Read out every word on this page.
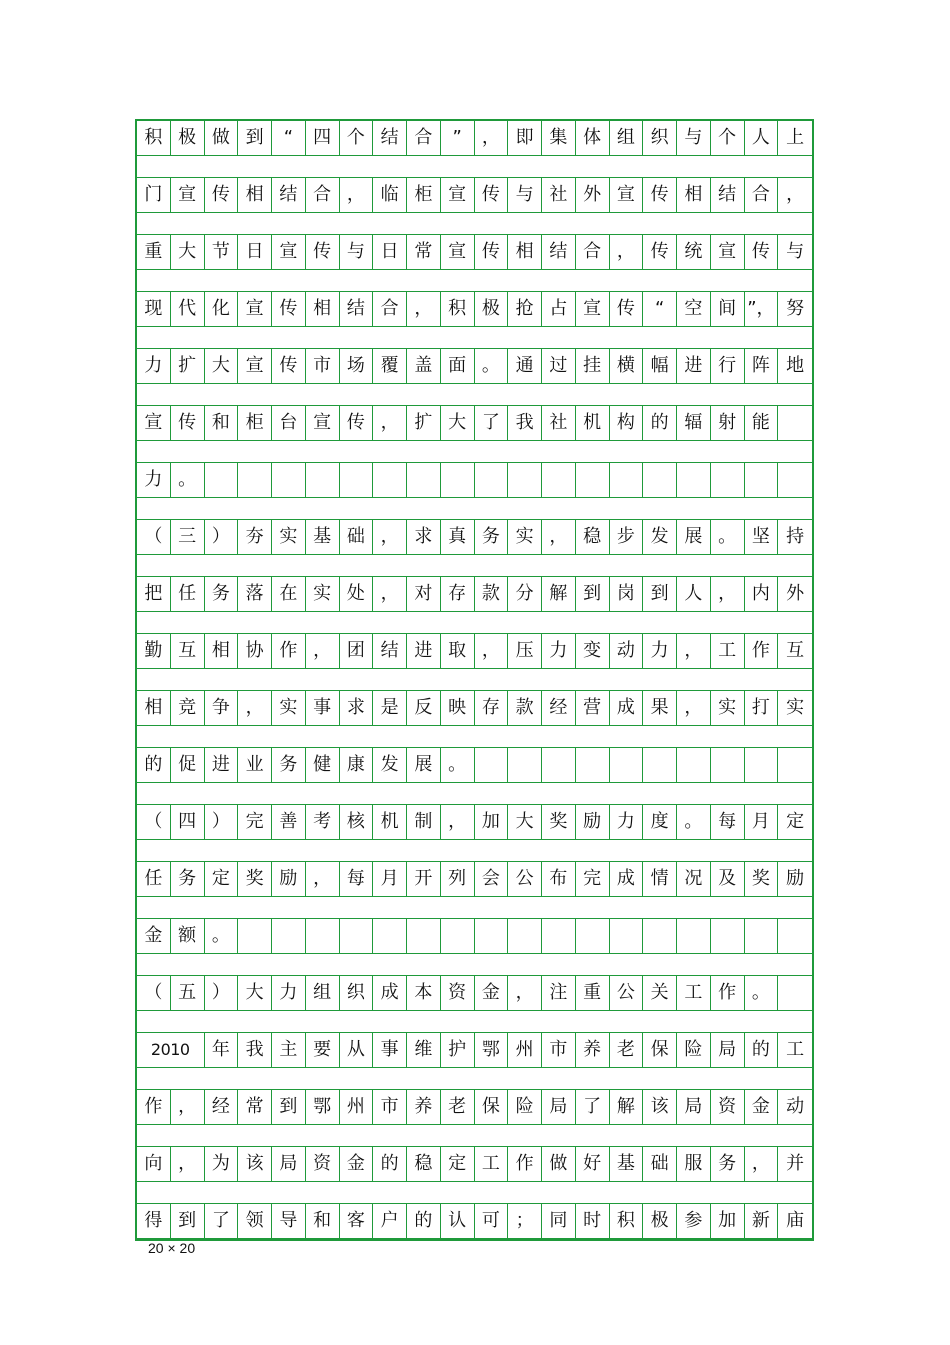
积 极 做 到	“	四 个 结 合	”	， 即 集 体 组 织 与 个 人 上
门 宣 传 相 结 合 ， 临 柜 宣 传 与 社 外 宣 传 相 结 合 ，
重 大 节 日 宣 传 与 日 常 宣 传 相 结 合 ， 传 统 宣 传 与
现 代 化 宣 传 相 结 合 ， 积 极 抢 占 宣 传	“	空 间 ”， 努
力 扩 大 宣 传 市 场 覆 盖 面 。 通 过 挂 横 幅 进 行 阵 地
宣 传 和 柜 台 宣 传 ， 扩 大 了 我 社 机 构 的 辐 射 能
力 。
（ 三 ） 夯 实 基 础 ， 求 真 务 实 ， 稳 步 发 展 。 坚 持
把 任 务 落 在 实 处 ， 对 存 款 分 解 到 岗 到 人 ， 内 外
勤 互 相 协 作 ， 团 结 进 取 ， 压 力 变 动 力 ， 工 作 互
相 竞 争 ， 实 事 求 是 反 映 存 款 经 营 成 果 ， 实 打 实
的 促 进 业 务 健 康 发 展 。
（ 四 ） 完 善 考 核 机 制 ， 加 大 奖 励 力 度 。 每 月 定
任 务 定 奖 励 ， 每 月 开 列 会 公 布 完 成 情 况 及 奖 励
金 额 。
（ 五 ） 大 力 组 织 成 本 资 金 ， 注 重 公 关 工 作 。
2010	年 我 主 要 从 事 维 护 鄂 州 市 养 老 保 险 局 的 工
作 ， 经 常 到 鄂 州 市 养 老 保 险 局 了 解 该 局 资 金 动
向 ， 为 该 局 资 金 的 稳 定 工 作 做 好 基 础 服 务 ， 并
得 到 了 领 导 和 客 户 的 认 可 ； 同 时 积 极 参 加 新 庙
20 × 20
